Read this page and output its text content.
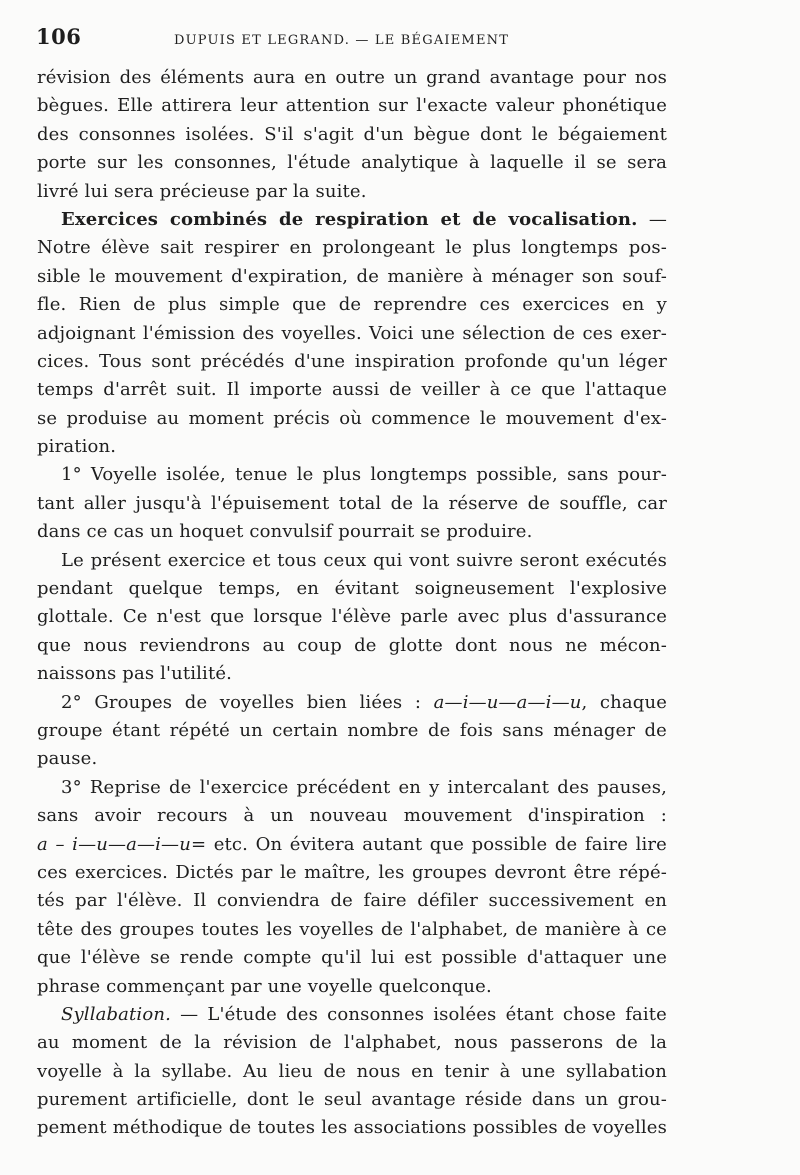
106	DUPUIS ET LEGRAND. — LE BÉGAIEMENT
révision des éléments aura en outre un grand avantage pour nos
bègues. Elle attirera leur attention sur l'exacte valeur phonétique
des consonnes isolées. S'il s'agit d'un bègue dont le bégaiement
porte sur les consonnes, l'étude analytique à laquelle il se sera
livré lui sera précieuse par la suite.
Exercices combinés de respiration et de vocalisation. —
Notre élève sait respirer en prolongeant le plus longtemps pos-
sible le mouvement d'expiration, de manière à ménager son souf-
fle. Rien de plus simple que de reprendre ces exercices en y
adjoignant l'émission des voyelles. Voici une sélection de ces exer-
cices. Tous sont précédés d'une inspiration profonde qu'un léger
temps d'arrêt suit. Il importe aussi de veiller à ce que l'attaque
se produise au moment précis où commence le mouvement d'ex-
piration.
1° Voyelle isolée, tenue le plus longtemps possible, sans pour-
tant aller jusqu'à l'épuisement total de la réserve de souffle, car
dans ce cas un hoquet convulsif pourrait se produire.
Le présent exercice et tous ceux qui vont suivre seront exécutés
pendant quelque temps, en évitant soigneusement l'explosive
glottale. Ce n'est que lorsque l'élève parle avec plus d'assurance
que nous reviendrons au coup de glotte dont nous ne mécon-
naissons pas l'utilité.
2° Groupes de voyelles bien liées : a—i—u—a—i—u, chaque
groupe étant répété un certain nombre de fois sans ménager de
pause.
3° Reprise de l'exercice précédent en y intercalant des pauses,
sans avoir recours à un nouveau mouvement d'inspiration :
a – i—u—a—i—u= etc. On évitera autant que possible de faire lire
ces exercices. Dictés par le maître, les groupes devront être répé-
tés par l'élève. Il conviendra de faire défiler successivement en
tête des groupes toutes les voyelles de l'alphabet, de manière à ce
que l'élève se rende compte qu'il lui est possible d'attaquer une
phrase commençant par une voyelle quelconque.
Syllabation. — L'étude des consonnes isolées étant chose faite
au moment de la révision de l'alphabet, nous passerons de la
voyelle à la syllabe. Au lieu de nous en tenir à une syllabation
purement artificielle, dont le seul avantage réside dans un grou-
pement méthodique de toutes les associations possibles de voyelles
